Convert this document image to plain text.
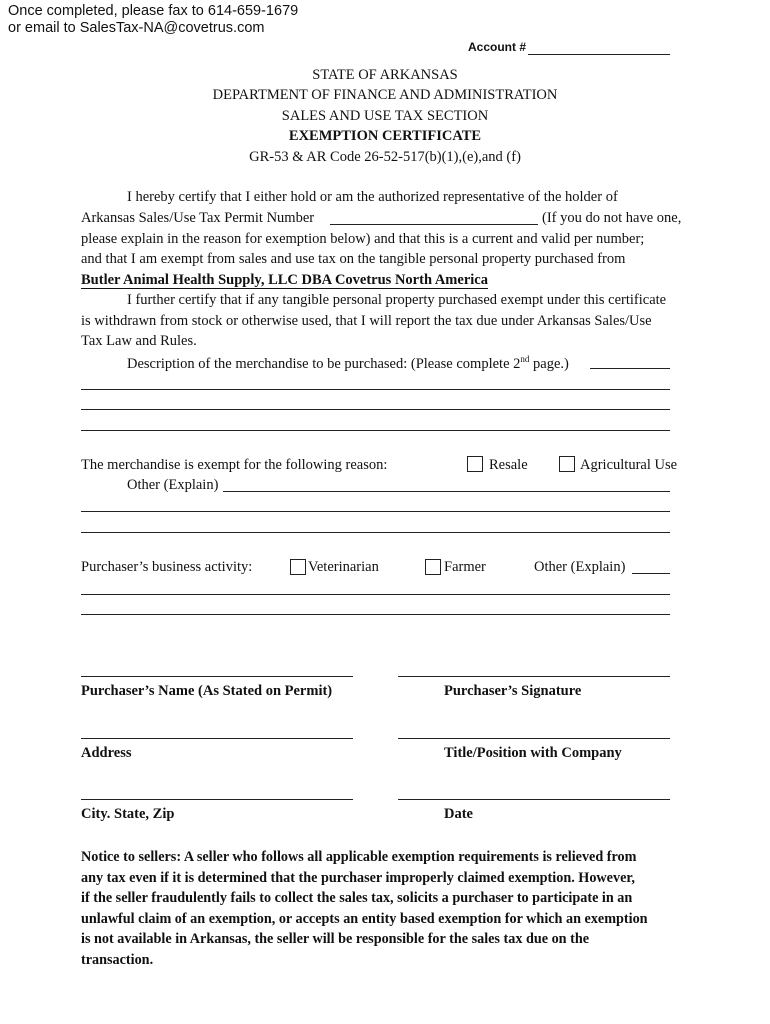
Once completed, please fax to 614-659-1679
or email to SalesTax-NA@covetrus.com
Account #
STATE OF ARKANSAS
DEPARTMENT OF FINANCE AND ADMINISTRATION
SALES AND USE TAX SECTION
EXEMPTION CERTIFICATE
GR-53 & AR Code 26-52-517(b)(1),(e),and (f)
I hereby certify that I either hold or am the authorized representative of the holder of
Arkansas Sales/Use Tax Permit Number	(If you do not have one,
please explain in the reason for exemption below) and that this is a current and valid per number;
and that I am exempt from sales and use tax on the tangible personal property purchased from
Butler Animal Health Supply, LLC DBA Covetrus North America
I further certify that if any tangible personal property purchased exempt under this certificate
is withdrawn from stock or otherwise used, that I will report the tax due under Arkansas Sales/Use
Tax Law and Rules.
Description of the merchandise to be purchased: (Please complete 2nd page.)
The merchandise is exempt for the following reason:	Resale	Agricultural Use
Other (Explain)
Purchaser’s business activity:	Veterinarian	Farmer	Other (Explain)
Purchaser’s Name (As Stated on Permit)	Purchaser’s Signature
Address	Title/Position with Company
City. State, Zip	Date
Notice to sellers: A seller who follows all applicable exemption requirements is relieved from
any tax even if it is determined that the purchaser improperly claimed exemption. However,
if the seller fraudulently fails to collect the sales tax, solicits a purchaser to participate in an
unlawful claim of an exemption, or accepts an entity based exemption for which an exemption
is not available in Arkansas, the seller will be responsible for the sales tax due on the
transaction.
